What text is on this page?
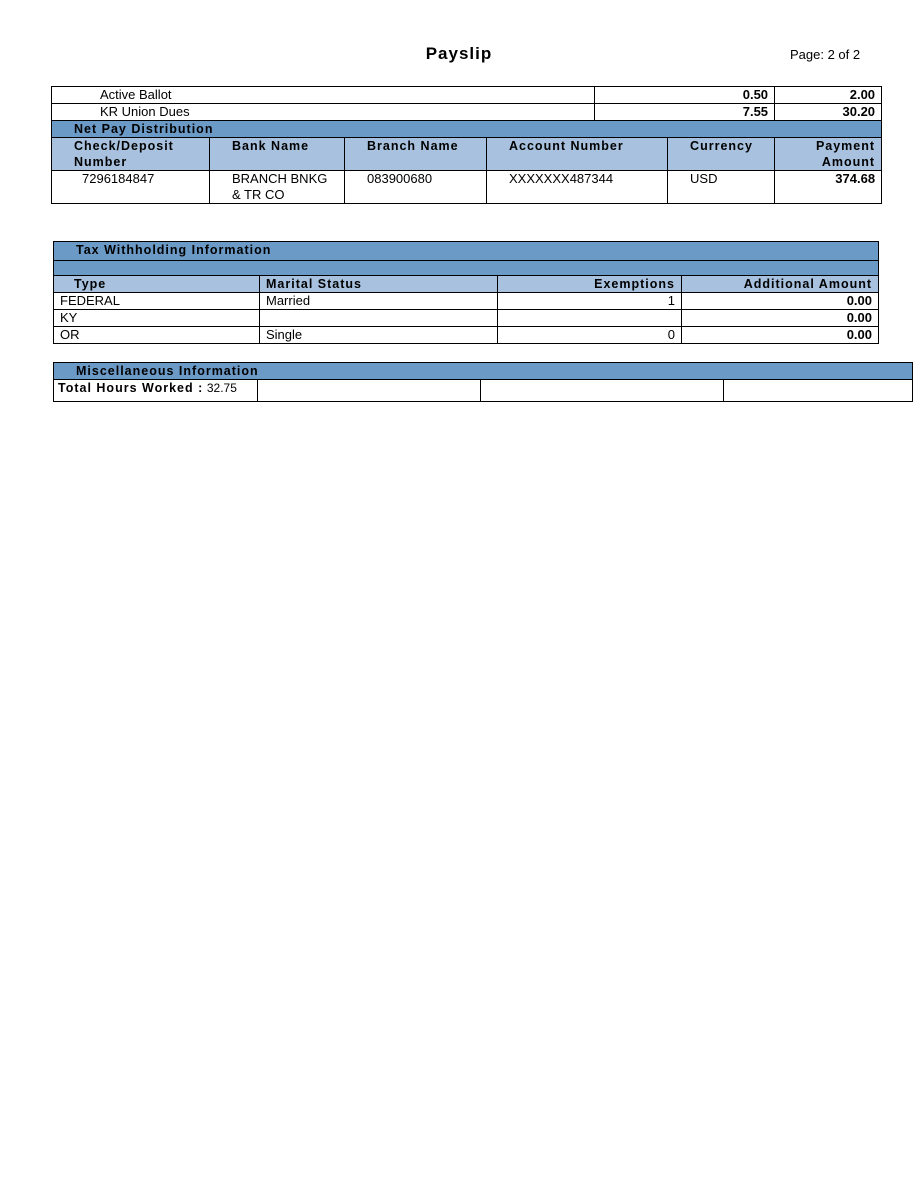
Payslip	Page: 2 of 2
Active Ballot				0.50		2.00
KR Union Dues				7.55		30.20
Net Pay Distribution						
Check/Deposit Number	Bank Name	Branch Name	Account Number		Currency	Payment Amount
7296184847	BRANCH BNKG & TR CO	083900680	XXXXXXX487344		USD	374.68
Tax Withholding Information			

Type	Marital Status	Exemptions	Additional Amount
FEDERAL	Married	1	0.00
KY			0.00
OR	Single	0	0.00
Miscellaneous Information
Total Hours Worked : 32.75			
